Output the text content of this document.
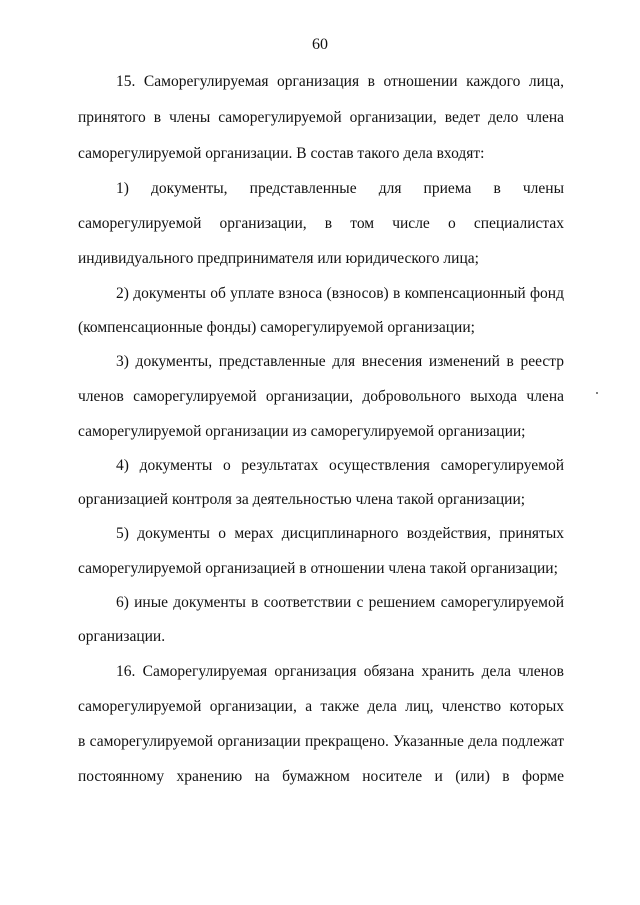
60
15. Саморегулируемая организация в отношении каждого лица,
принятого в члены саморегулируемой организации, ведет дело члена
саморегулируемой организации. В состав такого дела входят:
1) документы, представленные для приема в члены
саморегулируемой организации, в том числе о специалистах
индивидуального предпринимателя или юридического лица;
2) документы об уплате взноса (взносов) в компенсационный фонд
(компенсационные фонды) саморегулируемой организации;
3) документы, представленные для внесения изменений в реестр
членов саморегулируемой организации, добровольного выхода члена
саморегулируемой организации из саморегулируемой организации;
4) документы о результатах осуществления саморегулируемой
организацией контроля за деятельностью члена такой организации;
5) документы о мерах дисциплинарного воздействия, принятых
саморегулируемой организацией в отношении члена такой организации;
6) иные документы в соответствии с решением саморегулируемой
организации.
16. Саморегулируемая организация обязана хранить дела членов
саморегулируемой организации, а также дела лиц, членство которых
в саморегулируемой организации прекращено. Указанные дела подлежат
постоянному хранению на бумажном носителе и (или) в форме
